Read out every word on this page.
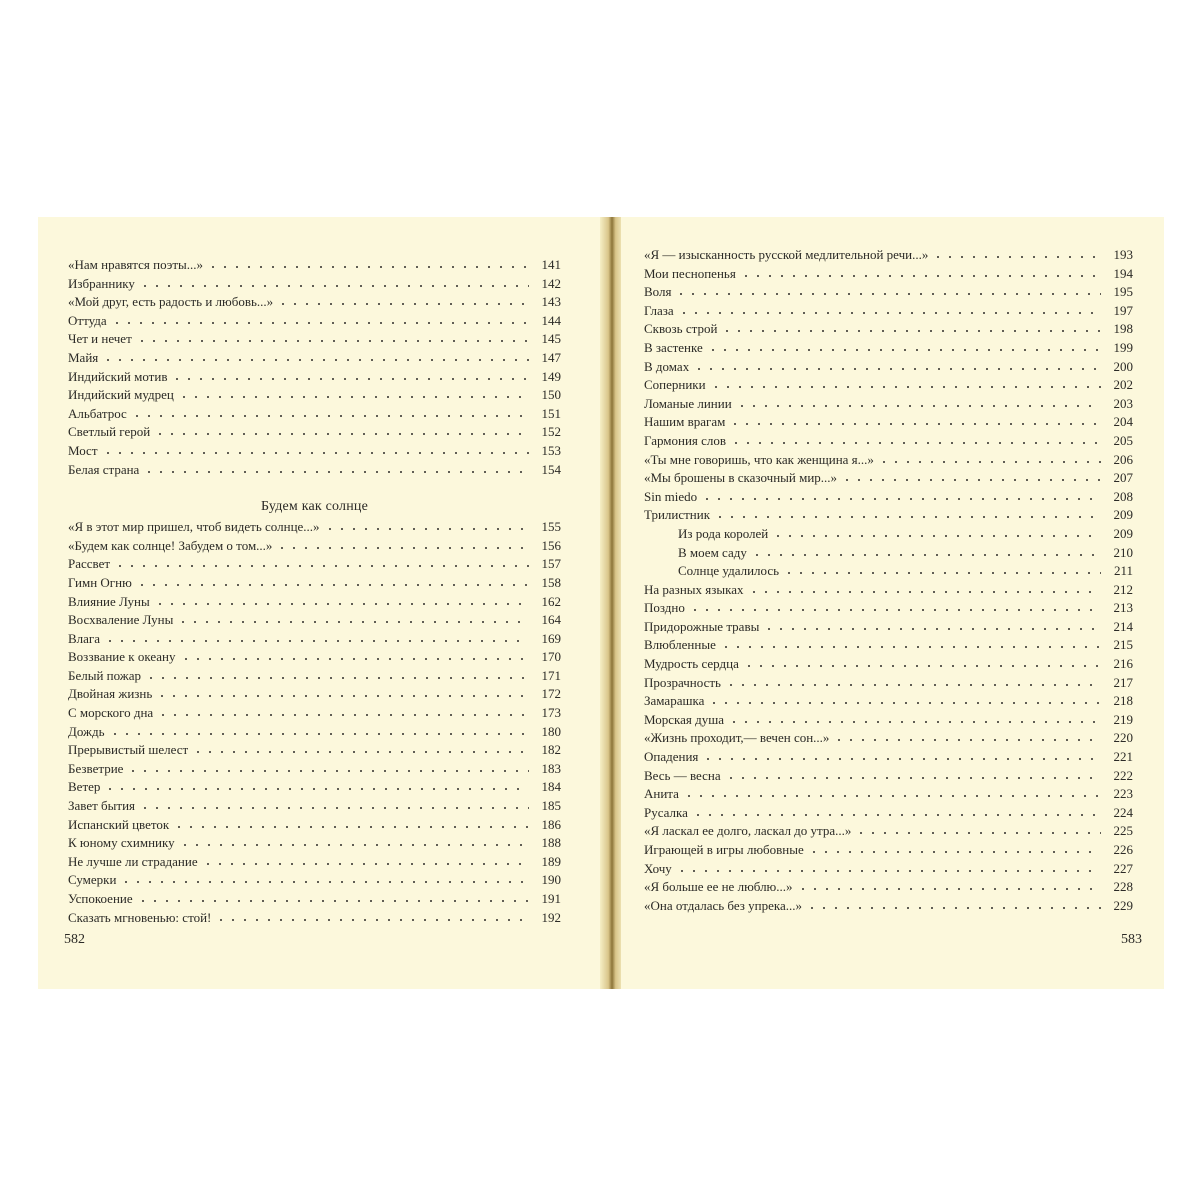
«Нам нравятся поэты...»	141
Избраннику	142
«Мой друг, есть радость и любовь...»	143
Оттуда	144
Чет и нечет	145
Майя	147
Индийский мотив	149
Индийский мудрец	150
Альбатрос	151
Светлый герой	152
Мост	153
Белая страна	154
Будем как солнце
«Я в этот мир пришел, чтоб видеть солнце...»	155
«Будем как солнце! Забудем о том...»	156
Рассвет	157
Гимн Огню	158
Влияние Луны	162
Восхваление Луны	164
Влага	169
Воззвание к океану	170
Белый пожар	171
Двойная жизнь	172
С морского дна	173
Дождь	180
Прерывистый шелест	182
Безветрие	183
Ветер	184
Завет бытия	185
Испанский цветок	186
К юному схимнику	188
Не лучше ли страдание	189
Сумерки	190
Успокоение	191
Сказать мгновенью: стой!	192
582
«Я — изысканность русской медлительной речи...»	193
Мои песнопенья	194
Воля	195
Глаза	197
Сквозь строй	198
В застенке	199
В домах	200
Соперники	202
Ломаные линии	203
Нашим врагам	204
Гармония слов	205
«Ты мне говоришь, что как женщина я...»	206
«Мы брошены в сказочный мир...»	207
Sin miedo	208
Трилистник	209
Из рода королей	209
В моем саду	210
Солнце удалилось	211
На разных языках	212
Поздно	213
Придорожные травы	214
Влюбленные	215
Мудрость сердца	216
Прозрачность	217
Замарашка	218
Морская душа	219
«Жизнь проходит,— вечен сон...»	220
Опадения	221
Весь — весна	222
Анита	223
Русалка	224
«Я ласкал ее долго, ласкал до утра...»	225
Играющей в игры любовные	226
Хочу	227
«Я больше ее не люблю...»	228
«Она отдалась без упрека...»	229
583
